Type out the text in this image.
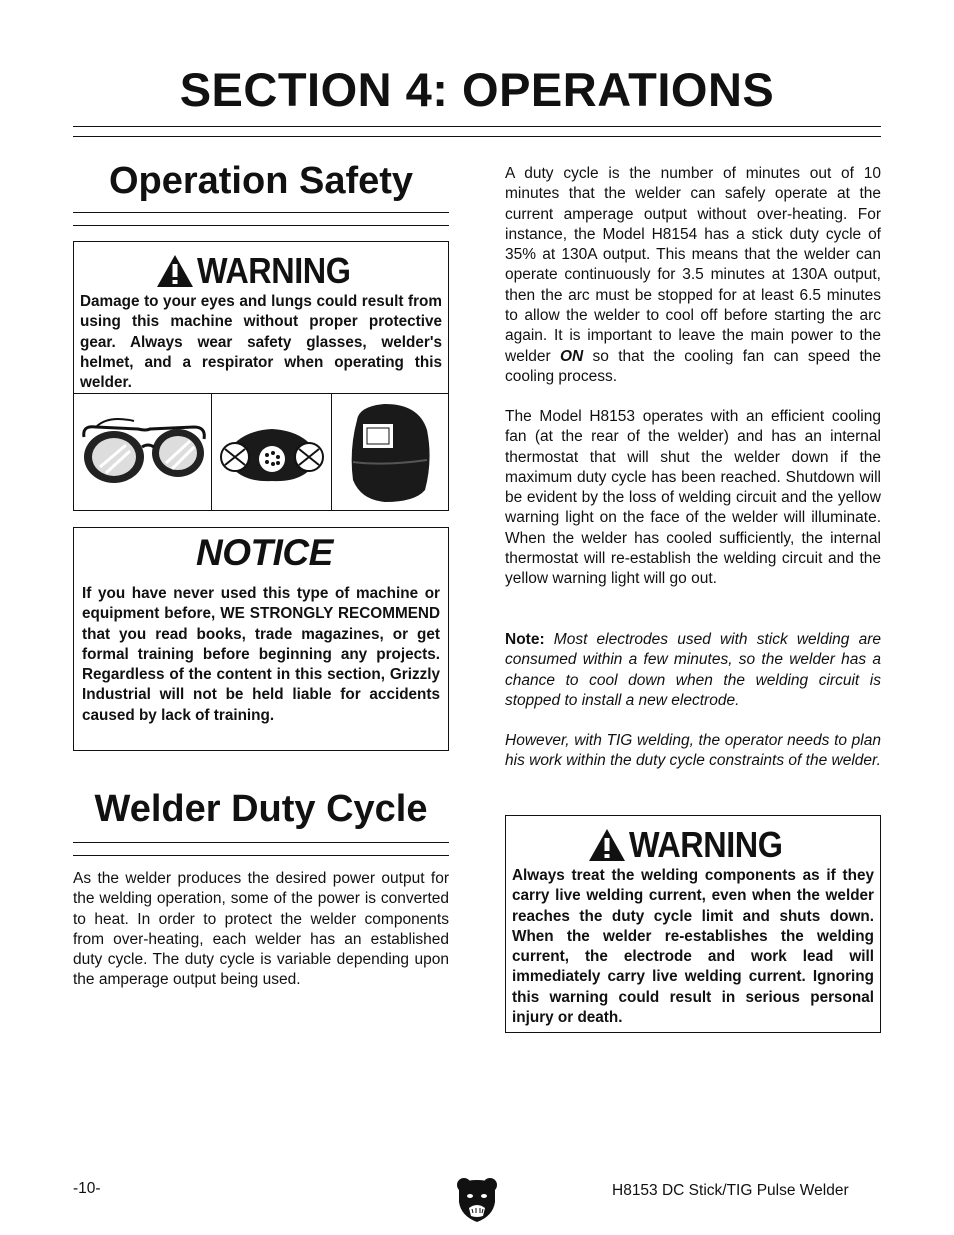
SECTION 4: OPERATIONS
Operation Safety
WARNING
Damage to your eyes and lungs could result from using this machine without proper protective gear. Always wear safety glasses, welder's helmet, and a respirator when operating this welder.
NOTICE
If you have never used this type of machine or equipment before, WE STRONGLY RECOMMEND that you read books, trade magazines, or get formal training before beginning any projects. Regardless of the content in this section, Grizzly Industrial will not be held liable for accidents caused by lack of training.
Welder Duty Cycle

As the welder produces the desired power output for the welding operation, some of the power is converted to heat. In order to protect the welder components from over-heating, each welder has an established duty cycle. The duty cycle is variable depending upon the amperage output being used.

A duty cycle is the number of minutes out of 10 minutes that the welder can safely operate at the current amperage output without over-heating. For instance, the Model H8154 has a stick duty cycle of 35% at 130A output. This means that the welder can operate continuously for 3.5 minutes at 130A output, then the arc must be stopped for at least 6.5 minutes to allow the welder to cool off before starting the arc again. It is important to leave the main power to the welder ON so that the cooling fan can speed the cooling process.

The Model H8153 operates with an efficient cooling fan (at the rear of the welder) and has an internal thermostat that will shut the welder down if the maximum duty cycle has been reached. Shutdown will be evident by the loss of welding circuit and the yellow warning light on the face of the welder will illuminate. When the welder has cooled sufficiently, the internal thermostat will re-establish the welding circuit and the yellow warning light will go out.

Note: Most electrodes used with stick welding are consumed within a few minutes, so the welder has a chance to cool down when the welding circuit is stopped to install a new electrode.

However, with TIG welding, the operator needs to plan his work within the duty cycle constraints of the welder.

WARNING
Always treat the welding components as if they carry live welding current, even when the welder reaches the duty cycle limit and shuts down. When the welder re-establishes the welding current, the electrode and work lead will immediately carry live welding current. Ignoring this warning could result in serious personal injury or death.
-10-	H8153 DC Stick/TIG Pulse Welder
